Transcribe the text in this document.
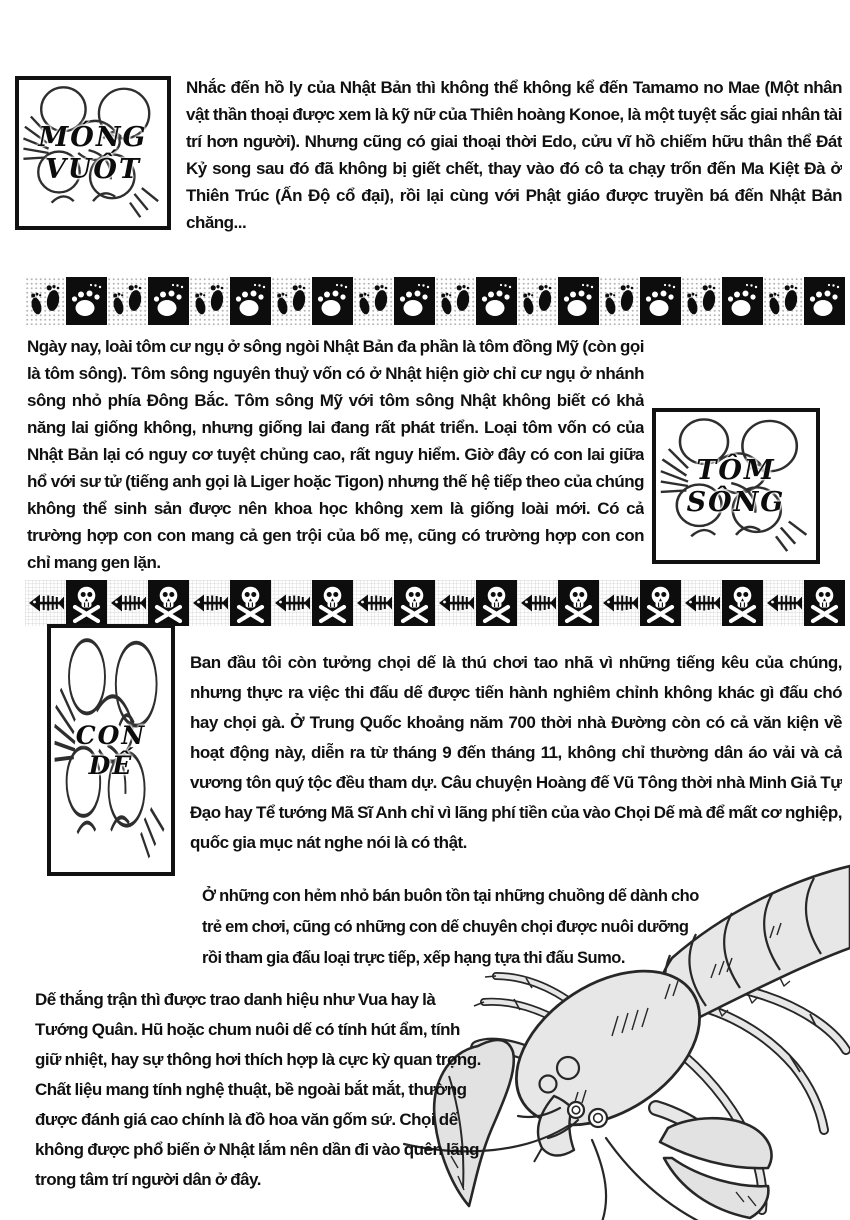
MÓNG
VUỐT

Nhắc đến hồ ly của Nhật Bản thì không thể không kể đến Tamamo no Mae (Một nhân vật thần thoại được xem là kỹ nữ của Thiên hoàng Konoe, là một tuyệt sắc giai nhân tài trí hơn người). Nhưng cũng có giai thoại thời Edo, cửu vĩ hồ chiếm hữu thân thể Đát Kỷ song sau đó đã không bị giết chết, thay vào đó cô ta chạy trốn đến Ma Kiệt Đà ở Thiên Trúc (Ấn Độ cổ đại), rồi lại cùng với Phật giáo được truyền bá đến Nhật Bản chăng...

Ngày nay, loài tôm cư ngụ ở sông ngòi Nhật Bản đa phần là tôm đồng Mỹ (còn gọi là tôm sông). Tôm sông nguyên thuỷ vốn có ở Nhật hiện giờ chỉ cư ngụ ở nhánh sông nhỏ phía Đông Bắc. Tôm sông Mỹ với tôm sông Nhật không biết có khả năng lai giống không, nhưng giống lai đang rất phát triển. Loại tôm vốn có của Nhật Bản lại có nguy cơ tuyệt chủng cao, rất nguy hiểm. Giờ đây có con lai giữa hổ với sư tử (tiếng anh gọi là Liger hoặc Tigon) nhưng thế hệ tiếp theo của chúng không thể sinh sản được nên khoa học không xem là giống loài mới. Có cả trường hợp con con mang cả gen trội của bố mẹ, cũng có trường hợp con con chỉ mang gen lặn.

TÔM
SÔNG
CON
DẾ

Ban đầu tôi còn tưởng chọi dế là thú chơi tao nhã vì những tiếng kêu của chúng, nhưng thực ra việc thi đấu dế được tiến hành nghiêm chỉnh không khác gì đấu chó hay chọi gà. Ở Trung Quốc khoảng năm 700 thời nhà Đường còn có cả văn kiện về hoạt động này, diễn ra từ tháng 9 đến tháng 11, không chỉ thường dân áo vải và cả vương tôn quý tộc đều tham dự. Câu chuyện Hoàng đế Vũ Tông thời nhà Minh Giả Tự Đạo hay Tể tướng Mã Sĩ Anh chỉ vì lãng phí tiền của vào Chọi Dế mà để mất cơ nghiệp, quốc gia mục nát nghe nói là có thật.

Ở những con hẻm nhỏ bán buôn tồn tại những chuồng dế dành cho trẻ em chơi, cũng có những con dế chuyên chọi được nuôi dưỡng rồi tham gia đấu loại trực tiếp, xếp hạng tựa thi đấu Sumo.

Dế thắng trận thì được trao danh hiệu như Vua hay là Tướng Quân. Hũ hoặc chum nuôi dế có tính hút ẩm, tính giữ nhiệt, hay sự thông hơi thích hợp là cực kỳ quan trọng. Chất liệu mang tính nghệ thuật, bề ngoài bắt mắt, thường được đánh giá cao chính là đồ hoa văn gốm sứ. Chọi dế không được phổ biến ở Nhật lắm nên dần đi vào quên lãng trong tâm trí người dân ở đây.
